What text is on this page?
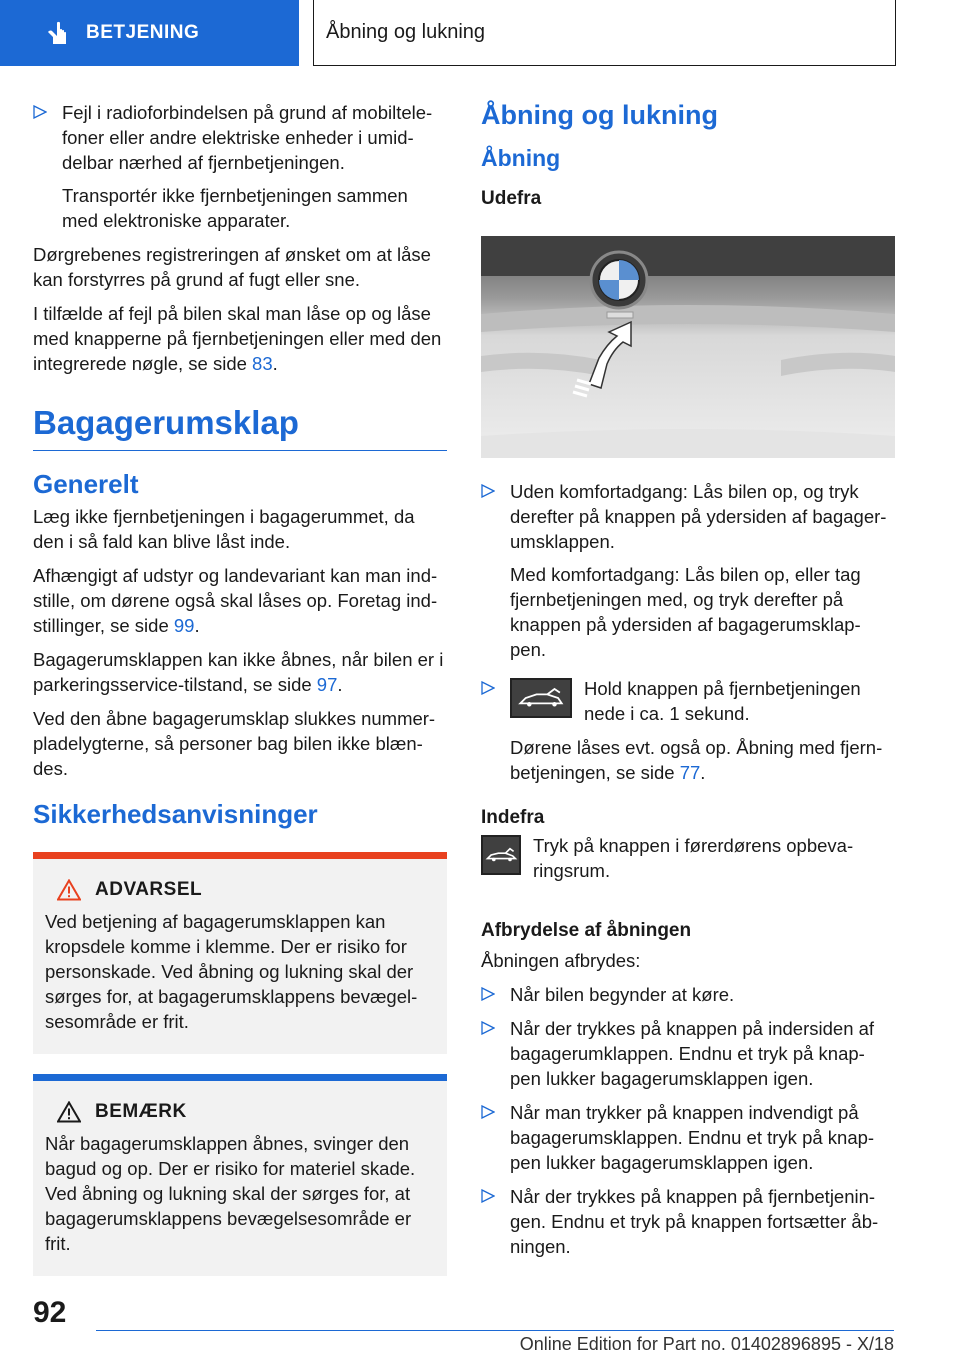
BETJENING	Åbning og lukning

Fejl i radioforbindelsen på grund af mobiltele-foner eller andre elektriske enheder i umid-delbar nærhed af fjernbetjeningen.

Transportér ikke fjernbetjeningen sammen med elektroniske apparater.

Dørgrebenes registreringen af ønsket om at låse kan forstyrres på grund af fugt eller sne.

I tilfælde af fejl på bilen skal man låse op og låse med knapperne på fjernbetjeningen eller med den integrerede nøgle, se side 83.

Bagagerumsklap
Generelt

Læg ikke fjernbetjeningen i bagagerummet, da den i så fald kan blive låst inde.

Afhængigt af udstyr og landevariant kan man ind-stille, om dørene også skal låses op. Foretag ind-stillinger, se side 99.

Bagagerumsklappen kan ikke åbnes, når bilen er i parkeringsservice-tilstand, se side 97.

Ved den åbne bagagerumsklap slukkes nummer-pladelygterne, så personer bag bilen ikke blæn-des.

Sikkerhedsanvisninger
ADVARSEL

Ved betjening af bagagerumsklappen kan kropsdele komme i klemme. Der er risiko for personskade. Ved åbning og lukning skal der sørges for, at bagagerumsklappens bevægel-sesområde er frit.

BEMÆRK

Når bagagerumsklappen åbnes, svinger den bagud og op. Der er risiko for materiel skade. Ved åbning og lukning skal der sørges for, at bagagerumsklappens bevægelsesområde er frit.

Åbning og lukning
Åbning
Udefra

Uden komfortadgang: Lås bilen op, og tryk derefter på knappen på ydersiden af bagager-umsklappen.

Med komfortadgang: Lås bilen op, eller tag fjernbetjeningen med, og tryk derefter på knappen på ydersiden af bagagerumsklap-pen.

Hold knappen på fjernbetjeningen nede i ca. 1 sekund.

Dørene låses evt. også op. Åbning med fjern-betjeningen, se side 77.

Indefra

Tryk på knappen i førerdørens opbeva-ringsrum.

Afbrydelse af åbningen

Åbningen afbrydes:

Når bilen begynder at køre.

Når der trykkes på knappen på indersiden af bagagerumklappen. Endnu et tryk på knap-pen lukker bagagerumsklappen igen.

Når man trykker på knappen indvendigt på bagagerumsklappen. Endnu et tryk på knap-pen lukker bagagerumsklappen igen.

Når der trykkes på knappen på fjernbetjenin-gen. Endnu et tryk på knappen fortsætter åb-ningen.

92
Online Edition for Part no. 01402896895 - X/18
